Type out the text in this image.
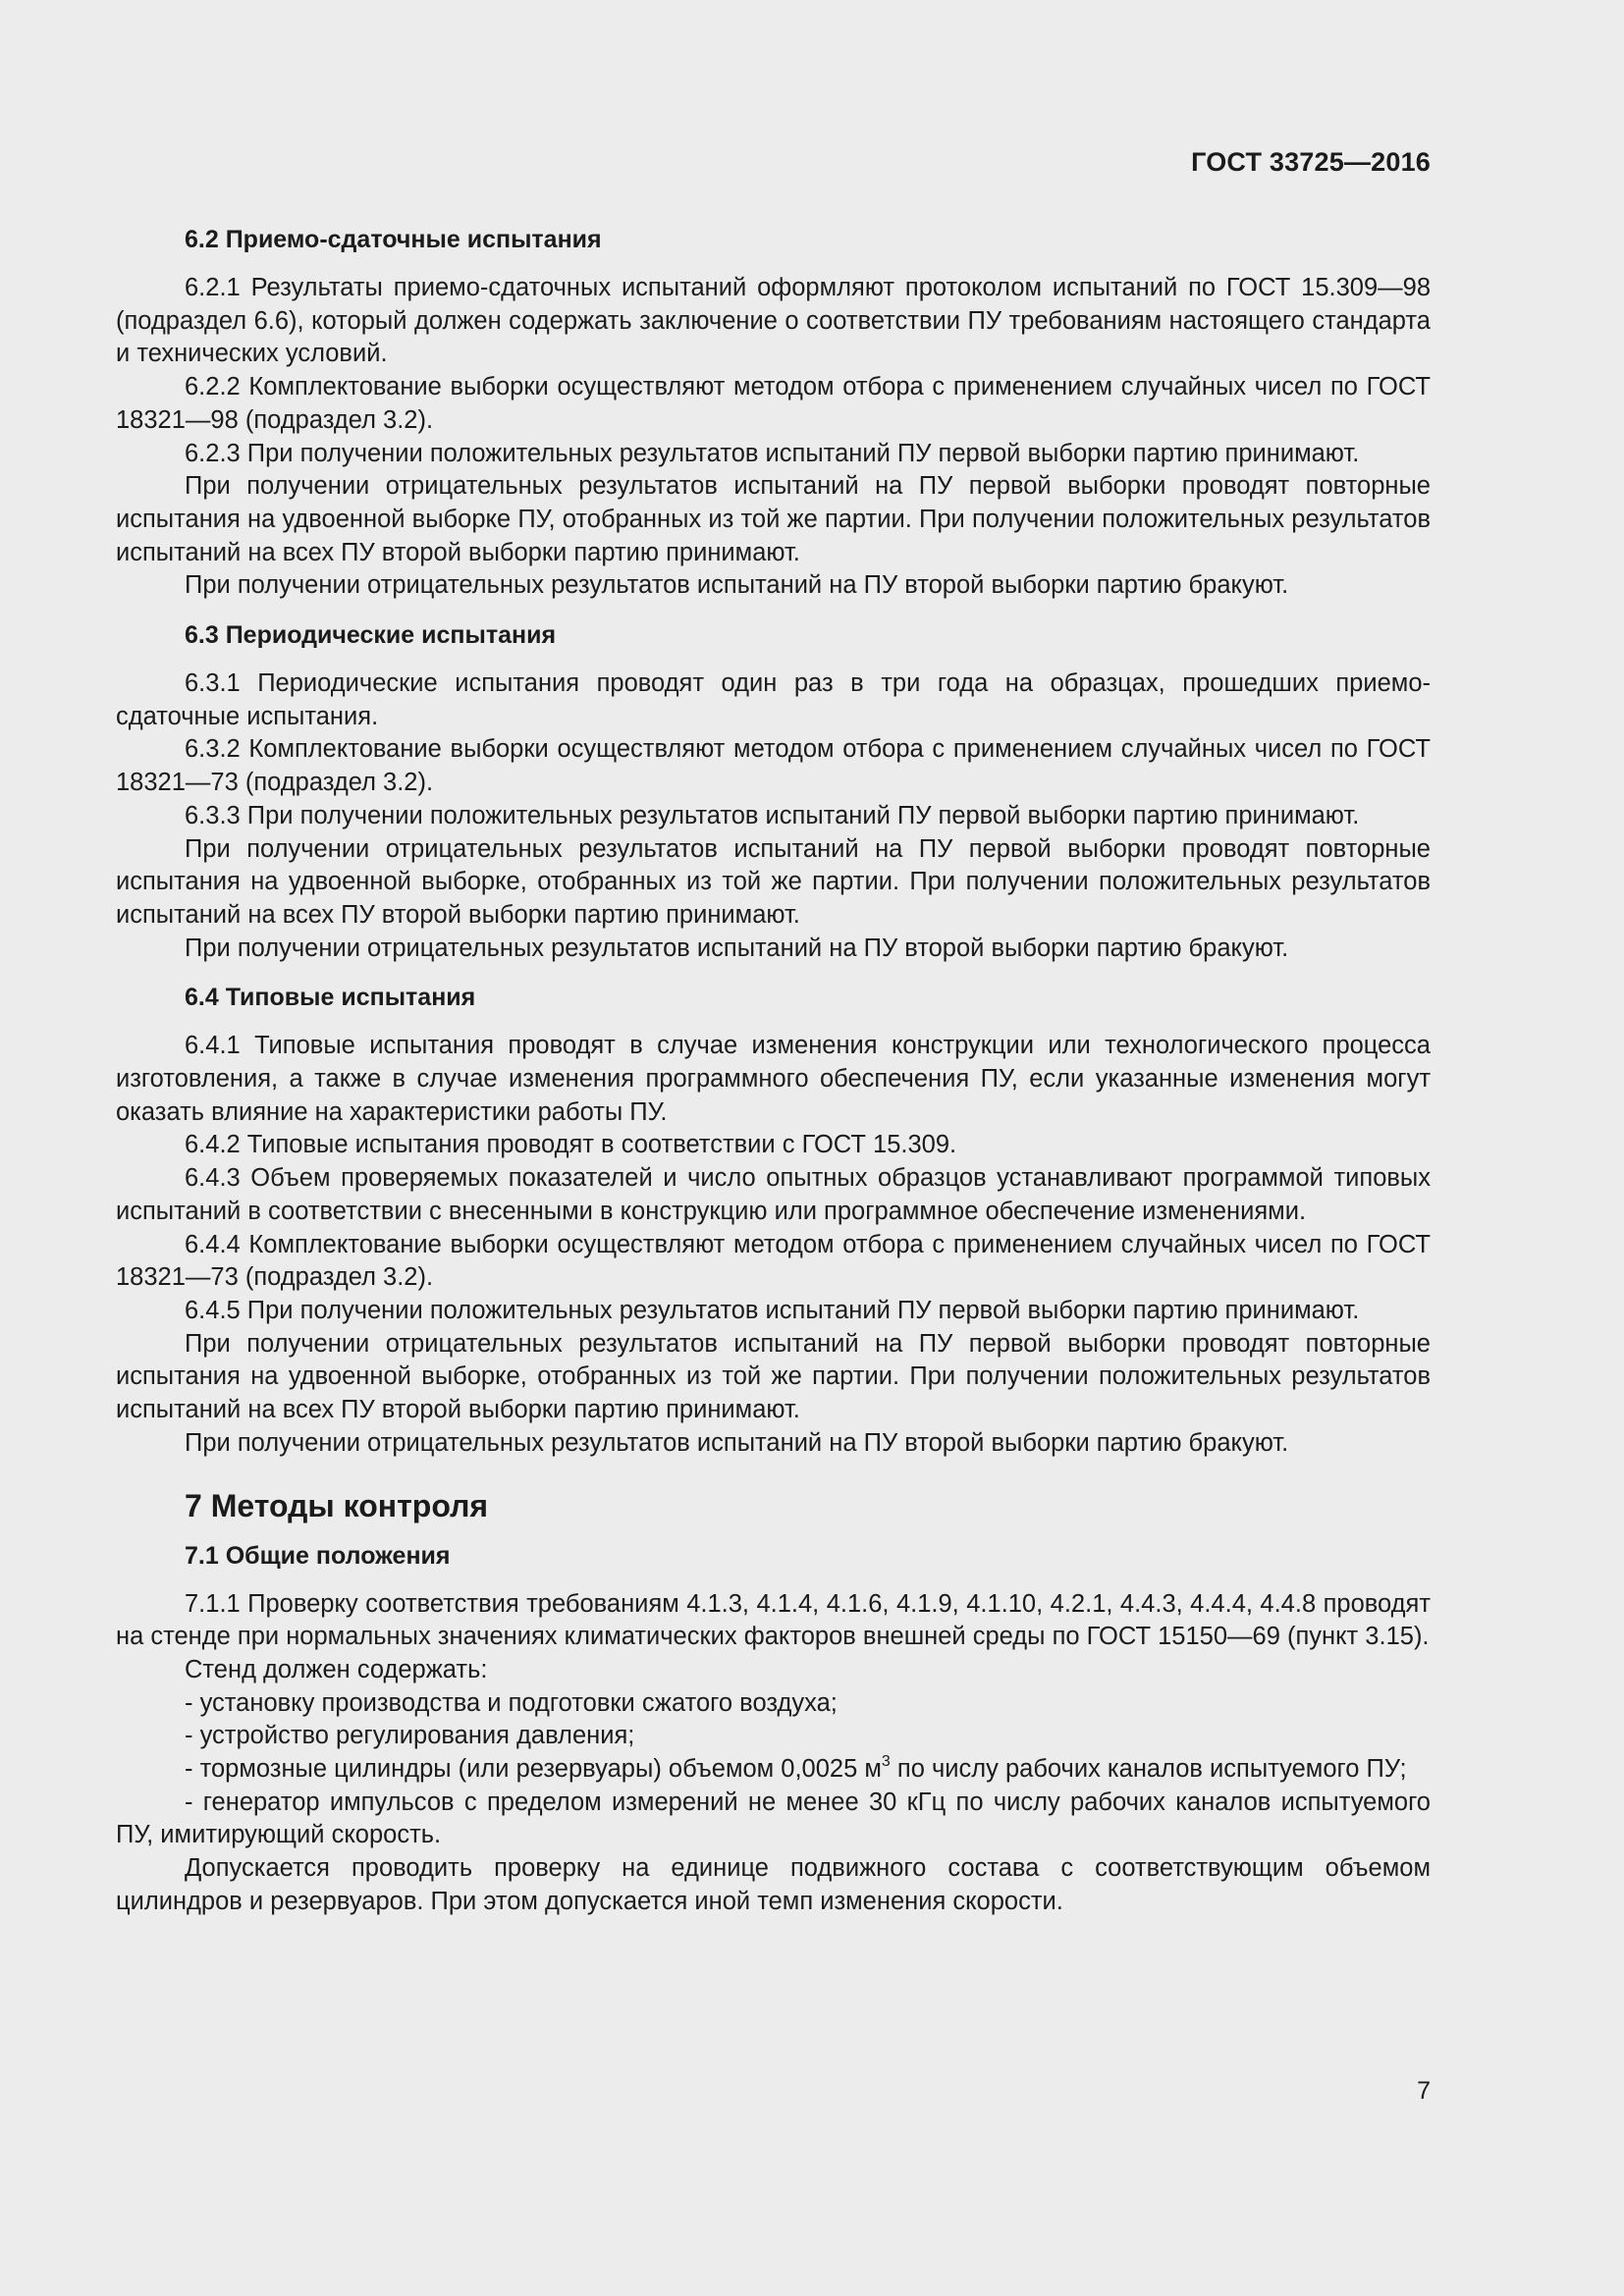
ГОСТ 33725—2016
6.2 Приемо-сдаточные испытания

6.2.1 Результаты приемо-сдаточных испытаний оформляют протоколом испытаний по ГОСТ 15.309—98 (подраздел 6.6), который должен содержать заключение о соответствии ПУ требованиям настоящего стандарта и технических условий.

6.2.2 Комплектование выборки осуществляют методом отбора с применением случайных чисел по ГОСТ 18321—98 (подраздел 3.2).

6.2.3 При получении положительных результатов испытаний ПУ первой выборки партию принимают.

При получении отрицательных результатов испытаний на ПУ первой выборки проводят повторные испытания на удвоенной выборке ПУ, отобранных из той же партии. При получении положительных результатов испытаний на всех ПУ второй выборки партию принимают.

При получении отрицательных результатов испытаний на ПУ второй выборки партию бракуют.

6.3 Периодические испытания

6.3.1 Периодические испытания проводят один раз в три года на образцах, прошедших приемо-сдаточные испытания.

6.3.2 Комплектование выборки осуществляют методом отбора с применением случайных чисел по ГОСТ 18321—73 (подраздел 3.2).

6.3.3 При получении положительных результатов испытаний ПУ первой выборки партию принимают.

При получении отрицательных результатов испытаний на ПУ первой выборки проводят повторные испытания на удвоенной выборке, отобранных из той же партии. При получении положительных результатов испытаний на всех ПУ второй выборки партию принимают.

При получении отрицательных результатов испытаний на ПУ второй выборки партию бракуют.

6.4 Типовые испытания

6.4.1 Типовые испытания проводят в случае изменения конструкции или технологического процесса изготовления, а также в случае изменения программного обеспечения ПУ, если указанные изменения могут оказать влияние на характеристики работы ПУ.

6.4.2 Типовые испытания проводят в соответствии с ГОСТ 15.309.

6.4.3 Объем проверяемых показателей и число опытных образцов устанавливают программой типовых испытаний в соответствии с внесенными в конструкцию или программное обеспечение изменениями.

6.4.4 Комплектование выборки осуществляют методом отбора с применением случайных чисел по ГОСТ 18321—73 (подраздел 3.2).

6.4.5 При получении положительных результатов испытаний ПУ первой выборки партию принимают.

При получении отрицательных результатов испытаний на ПУ первой выборки проводят повторные испытания на удвоенной выборке, отобранных из той же партии. При получении положительных результатов испытаний на всех ПУ второй выборки партию принимают.

При получении отрицательных результатов испытаний на ПУ второй выборки партию бракуют.

7 Методы контроля
7.1 Общие положения

7.1.1 Проверку соответствия требованиям 4.1.3, 4.1.4, 4.1.6, 4.1.9, 4.1.10, 4.2.1, 4.4.3, 4.4.4, 4.4.8 проводят на стенде при нормальных значениях климатических факторов внешней среды по ГОСТ 15150—69 (пункт 3.15).

Стенд должен содержать:

- установку производства и подготовки сжатого воздуха;

- устройство регулирования давления;

- тормозные цилиндры (или резервуары) объемом 0,0025 $м^3$ по числу рабочих каналов испытуемого ПУ;

- генератор импульсов с пределом измерений не менее 30 кГц по числу рабочих каналов испытуемого ПУ, имитирующий скорость.

Допускается проводить проверку на единице подвижного состава с соответствующим объемом цилиндров и резервуаров. При этом допускается иной темп изменения скорости.

7
